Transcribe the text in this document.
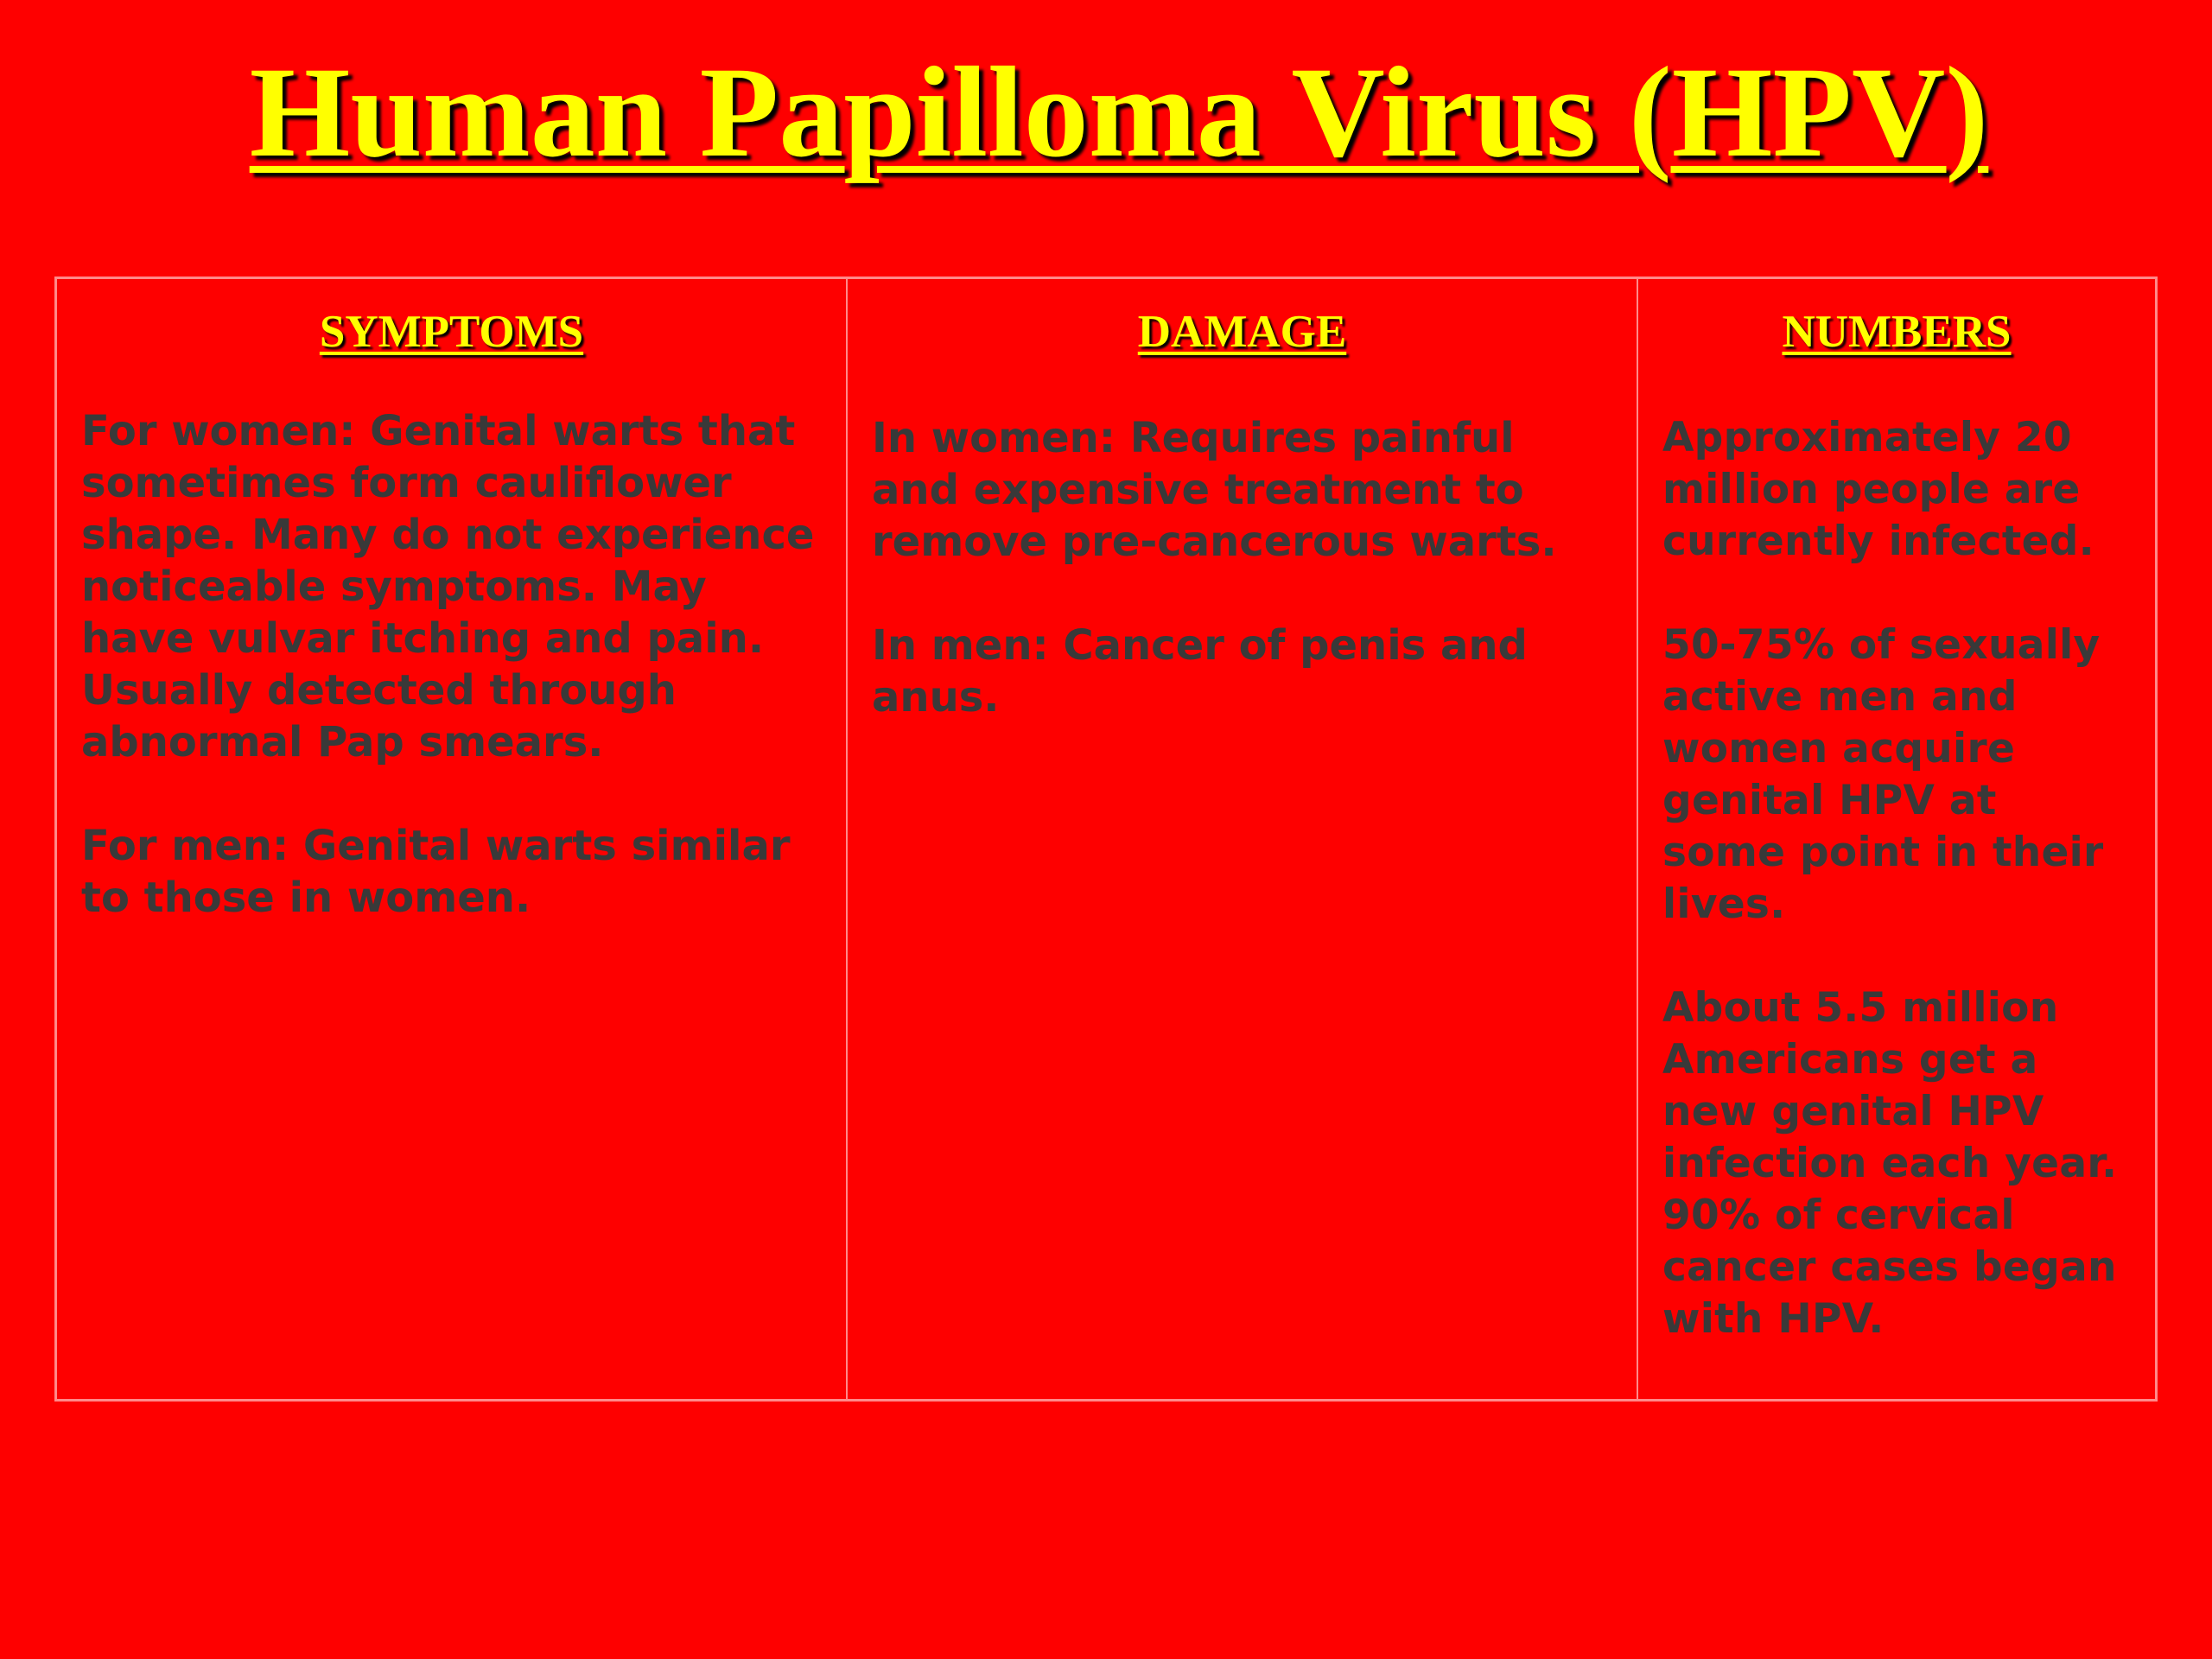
Human Papilloma Virus (HPV)
SYMPTOMS

For women: Genital warts that sometimes form cauliflower shape. Many do not experience noticeable symptoms. May have vulvar itching and pain. Usually detected through abnormal Pap smears.

For men: Genital warts similar to those in women.

DAMAGE

In women: Requires painful and expensive treatment to remove pre-cancerous warts.

In men: Cancer of penis and anus.

NUMBERS

Approximately 20 million people are currently infected.

50-75% of sexually active men and women acquire genital HPV at some point in their lives.

About 5.5 million Americans get a new genital HPV infection each year. 90% of cervical cancer cases began with HPV.
